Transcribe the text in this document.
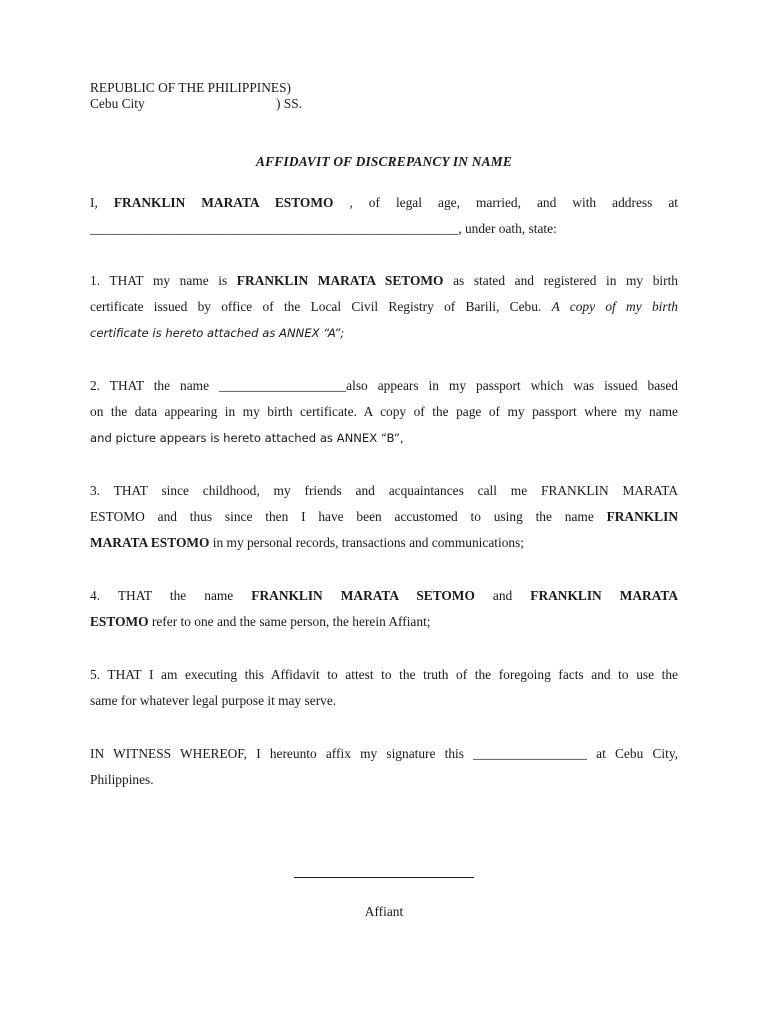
REPUBLIC OF THE PHILIPPINES)
Cebu City	) SS.
AFFIDAVIT OF DISCREPANCY IN NAME
I, FRANKLIN MARATA ESTOMO , of legal age, married, and with address at
_______________________________________________________, under oath, state:
1. THAT my name is FRANKLIN MARATA SETOMO as stated and registered in my birth
certificate issued by office of the Local Civil Registry of Barili, Cebu. A copy of my birth
certificate is hereto attached as ANNEX “A”;
2. THAT the name ___________________also appears in my passport which was issued based
on the data appearing in my birth certificate. A copy of the page of my passport where my name
and picture appears is hereto attached as ANNEX “B”,
3. THAT since childhood, my friends and acquaintances call me FRANKLIN MARATA
ESTOMO and thus since then I have been accustomed to using the name FRANKLIN
MARATA ESTOMO in my personal records, transactions and communications;
4. THAT the name FRANKLIN MARATA SETOMO and FRANKLIN MARATA
ESTOMO refer to one and the same person, the herein Affiant;
5. THAT I am executing this Affidavit to attest to the truth of the foregoing facts and to use the
same for whatever legal purpose it may serve.
IN WITNESS WHEREOF, I hereunto affix my signature this _________________ at Cebu City,
Philippines.
Affiant
